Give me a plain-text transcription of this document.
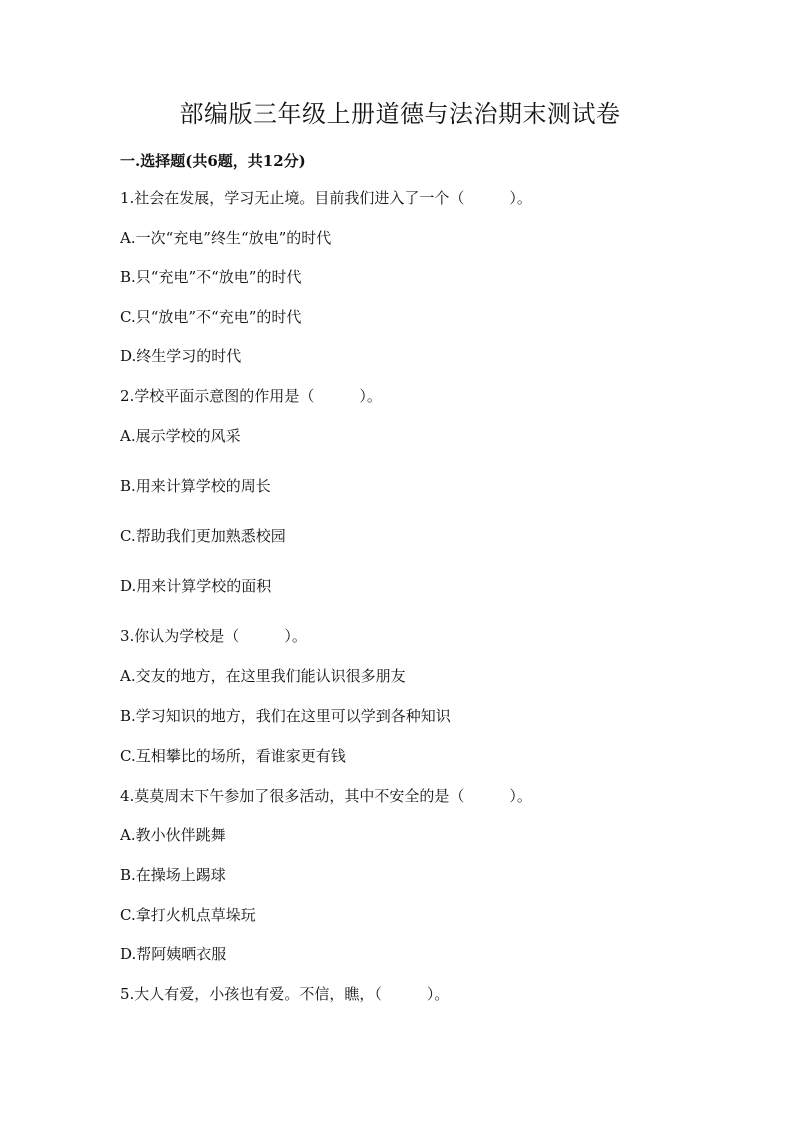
部编版三年级上册道德与法治期末测试卷
一.选择题(共6题，共12分)
1.社会在发展，学习无止境。目前我们进入了一个（　　　）。
A.一次“充电”终生“放电”的时代
B.只“充电”不“放电”的时代
C.只“放电”不“充电”的时代
D.终生学习的时代
2.学校平面示意图的作用是（　　　）。
A.展示学校的风采
B.用来计算学校的周长
C.帮助我们更加熟悉校园
D.用来计算学校的面积
3.你认为学校是（　　　）。
A.交友的地方，在这里我们能认识很多朋友
B.学习知识的地方，我们在这里可以学到各种知识
C.互相攀比的场所，看谁家更有钱
4.莫莫周末下午参加了很多活动，其中不安全的是（　　　）。
A.教小伙伴跳舞
B.在操场上踢球
C.拿打火机点草垛玩
D.帮阿姨晒衣服
5.大人有爱，小孩也有爱。不信，瞧，（　　　）。
